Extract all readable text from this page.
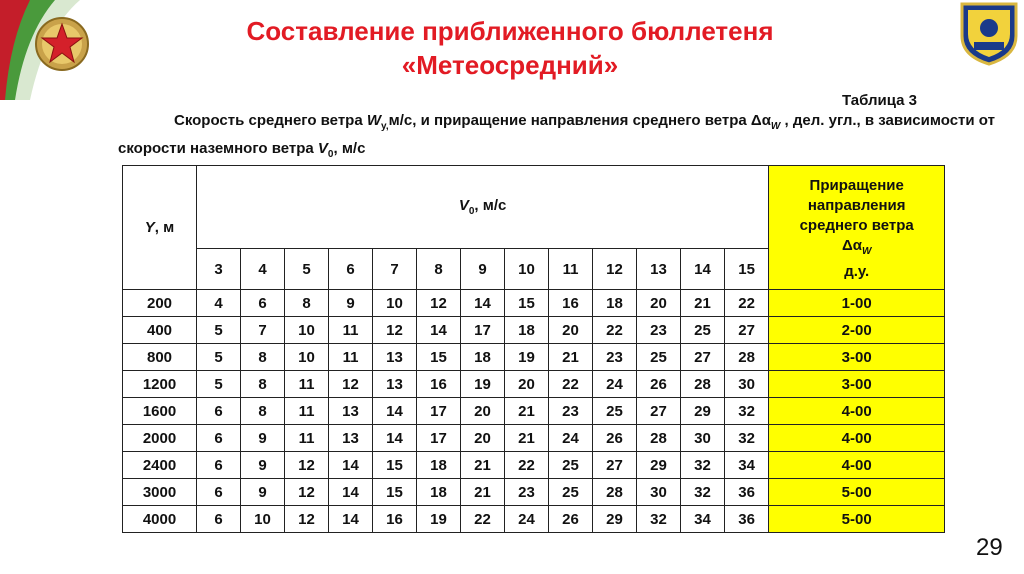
Составление приближенного бюллетеня
«Метеосредний»
Таблица 3
Скорость среднего ветра $W_{y,}м/с$, и приращение направления среднего ветра $\Delta\alpha_W$ , дел. угл., в зависимости от скорости наземного ветра $V_0$, м/с
Y, м	$V_0$, м/с													Приращение
направления
среднего ветра
$\Delta\alpha_W$
д.у.

	3	4	5	6	7	8	9	10	11	12	13	14	15	
200	4	6	8	9	10	12	14	15	16	18	20	21	22	1-00
400	5	7	10	11	12	14	17	18	20	22	23	25	27	2-00
800	5	8	10	11	13	15	18	19	21	23	25	27	28	3-00
1200	5	8	11	12	13	16	19	20	22	24	26	28	30	3-00
1600	6	8	11	13	14	17	20	21	23	25	27	29	32	4-00
2000	6	9	11	13	14	17	20	21	24	26	28	30	32	4-00
2400	6	9	12	14	15	18	21	22	25	27	29	32	34	4-00
3000	6	9	12	14	15	18	21	23	25	28	30	32	36	5-00
4000	6	10	12	14	16	19	22	24	26	29	32	34	36	5-00
29
